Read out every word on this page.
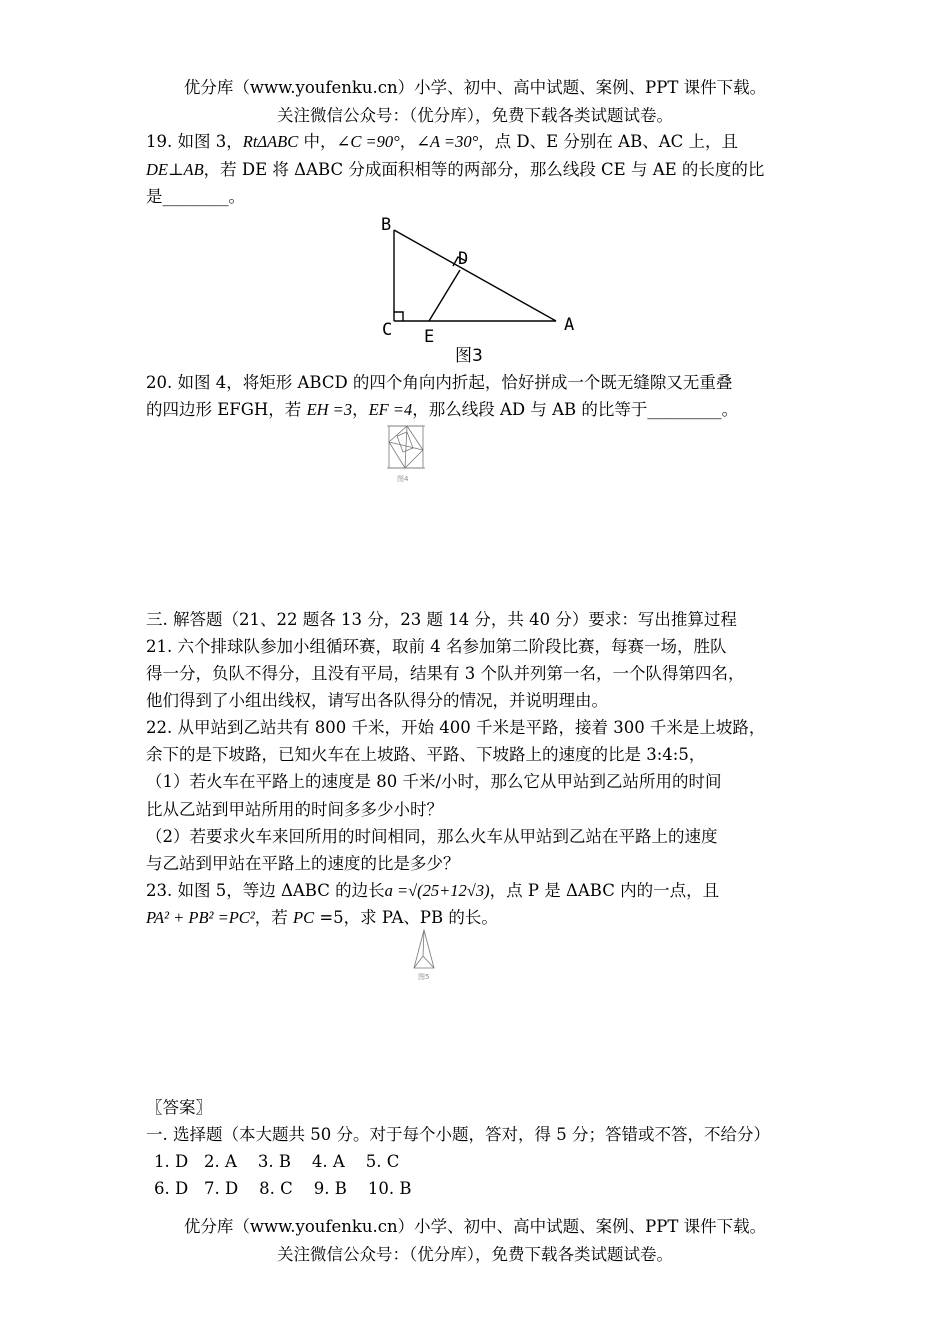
优分库（www.youfenku.cn）小学、初中、高中试题、案例、PPT 课件下载。
关注微信公众号：（优分库），免费下载各类试题试卷。
19. 如图 3，RtΔABC 中，∠C =90°，∠A =30°，点 D、E 分别在 AB、AC 上，且
DE⊥AB，若 DE 将 ΔABC 分成面积相等的两部分，那么线段 CE 与 AE 的长度的比
是________。
B
D
C E
A
图3
20. 如图 4，将矩形 ABCD 的四个角向内折起，恰好拼成一个既无缝隙又无重叠
的四边形 EFGH，若 EH =3，EF =4，那么线段 AD 与 AB 的比等于_________。
图4
三. 解答题（21、22 题各 13 分，23 题 14 分，共 40 分）要求：写出推算过程
21. 六个排球队参加小组循环赛，取前 4 名参加第二阶段比赛，每赛一场，胜队
得一分，负队不得分，且没有平局，结果有 3 个队并列第一名，一个队得第四名，
他们得到了小组出线权，请写出各队得分的情况，并说明理由。
22. 从甲站到乙站共有 800 千米，开始 400 千米是平路，接着 300 千米是上坡路，
余下的是下坡路，已知火车在上坡路、平路、下坡路上的速度的比是 3:4:5，
（1）若火车在平路上的速度是 80 千米/小时，那么它从甲站到乙站所用的时间
比从乙站到甲站所用的时间多多少小时？
（2）若要求火车来回所用的时间相同，那么火车从甲站到乙站在平路上的速度
与乙站到甲站在平路上的速度的比是多少？
23. 如图 5，等边 ΔABC 的边长a =√(25+12√3)，点 P 是 ΔABC 内的一点，且
PA² + PB² =PC²，若 PC =5，求 PA、PB 的长。
图5
〖答案〗
一. 选择题（本大题共 50 分。对于每个小题，答对，得 5 分；答错或不答，不给分）
1. D   2. A    3. B    4. A    5. C
6. D   7. D    8. C    9. B    10. B
优分库（www.youfenku.cn）小学、初中、高中试题、案例、PPT 课件下载。
关注微信公众号：（优分库），免费下载各类试题试卷。
